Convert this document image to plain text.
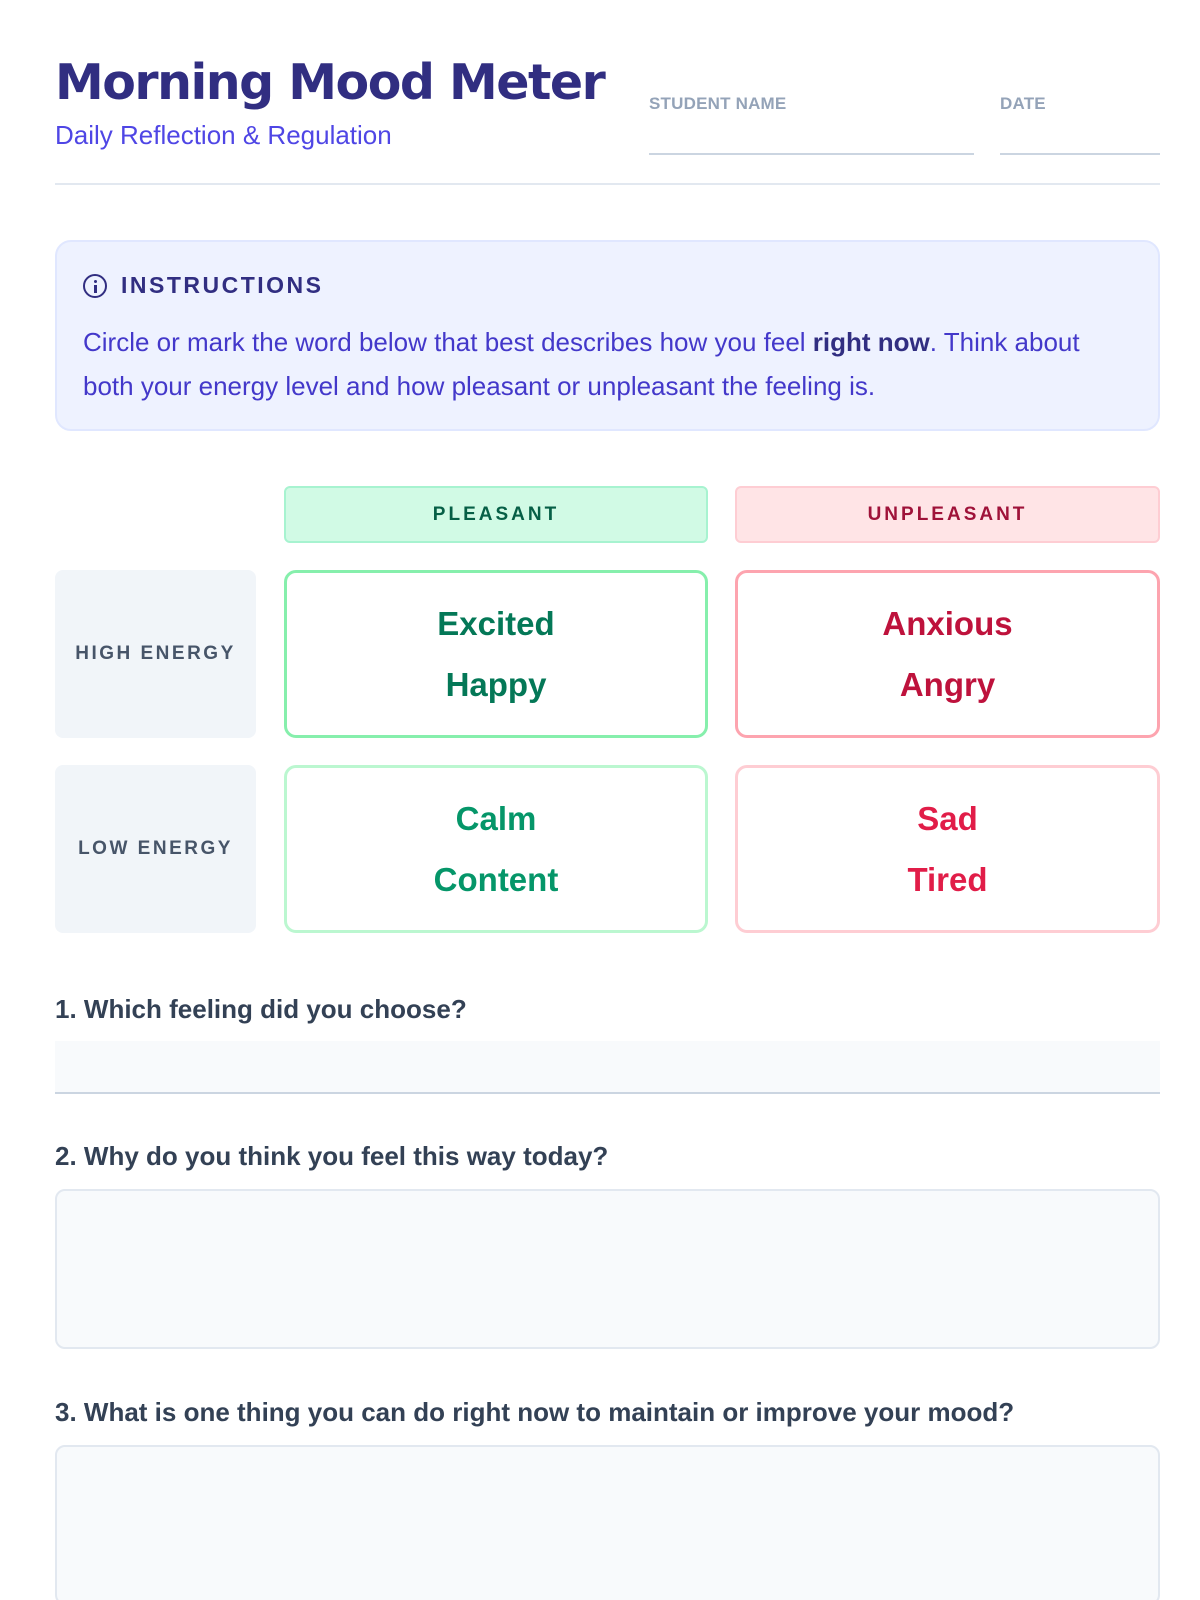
Morning Mood Meter
Daily Reflection & Regulation
STUDENT NAME	DATE
INSTRUCTIONS
Circle or mark the word below that best describes how you feel right now. Think about both your energy level and how pleasant or unpleasant the feeling is.
PLEASANT	UNPLEASANT
HIGH ENERGY
LOW ENERGY
Excited
Happy
Anxious
Angry
Calm
Content
Sad
Tired
1. Which feeling did you choose?
2. Why do you think you feel this way today?
3. What is one thing you can do right now to maintain or improve your mood?
